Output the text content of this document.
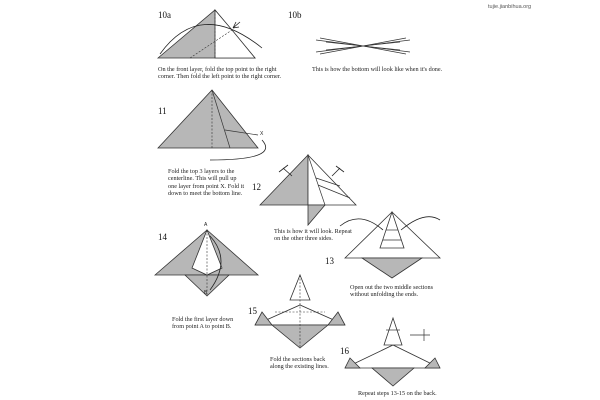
tujie.jianbihua.org
10a	10b
11
12
13
14
15
16
X
A
B
On the front layer, fold the top point to the right
corner. Then fold the left point to the right corner.
This is how the bottom will look like when it's done.
Fold the top 3 layers to the
centerline. This will pull up
one layer from point X. Fold it
down to meet the bottom line.
This is how it will look. Repeat
on the other three sides.
Open out the two middle sections
without unfolding the ends.
Fold the first layer down
from point A to point B.
Fold the sections back
along the existing lines.
Repeat steps 13-15 on the back.
